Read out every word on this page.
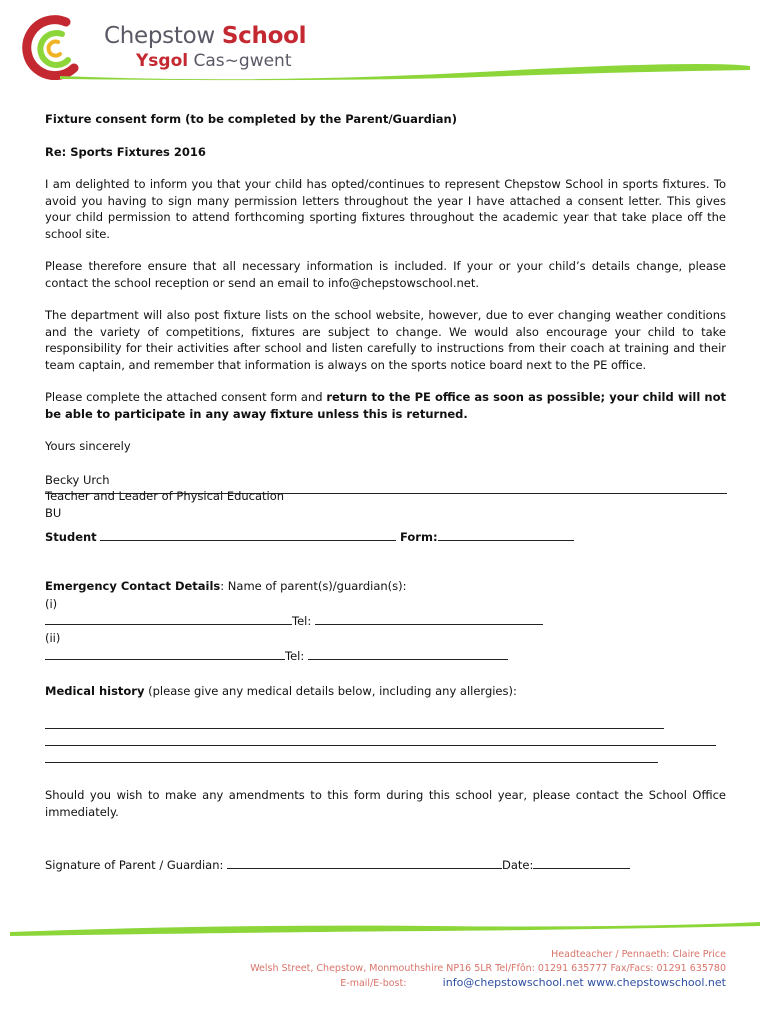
Chepstow School
Ysgol Cas~gwent

Fixture consent form (to be completed by the Parent/Guardian)

Re: Sports Fixtures 2016

I am delighted to inform you that your child has opted/continues to represent Chepstow School in sports fixtures. To avoid you having to sign many permission letters throughout the year I have attached a consent letter. This gives your child permission to attend forthcoming sporting fixtures throughout the academic year that take place off the school site.

Please therefore ensure that all necessary information is included. If your or your child’s details change, please contact the school reception or send an email to info@chepstowschool.net.

The department will also post fixture lists on the school website, however, due to ever changing weather conditions and the variety of competitions, fixtures are subject to change. We would also encourage your child to take responsibility for their activities after school and listen carefully to instructions from their coach at training and their team captain, and remember that information is always on the sports notice board next to the PE office.

Please complete the attached consent form and return to the PE office as soon as possible; your child will not be able to participate in any away fixture unless this is returned.

Yours sincerely

Becky Urch

Teacher and Leader of Physical Education

BU

Student	Form:
Emergency Contact Details: Name of parent(s)/guardian(s):
(i)
Tel:
(ii)
Tel:
Medical history (please give any medical details below, including any allergies):

Should you wish to make any amendments to this form during this school year, please contact the School Office immediately.

Signature of Parent / Guardian:	Date:
Headteacher / Pennaeth: Claire Price
Welsh Street, Chepstow, Monmouthshire NP16 5LR Tel/Ffôn: 01291 635777 Fax/Facs: 01291 635780
E-mail/E-bost:	info@chepstowschool.net www.chepstowschool.net
